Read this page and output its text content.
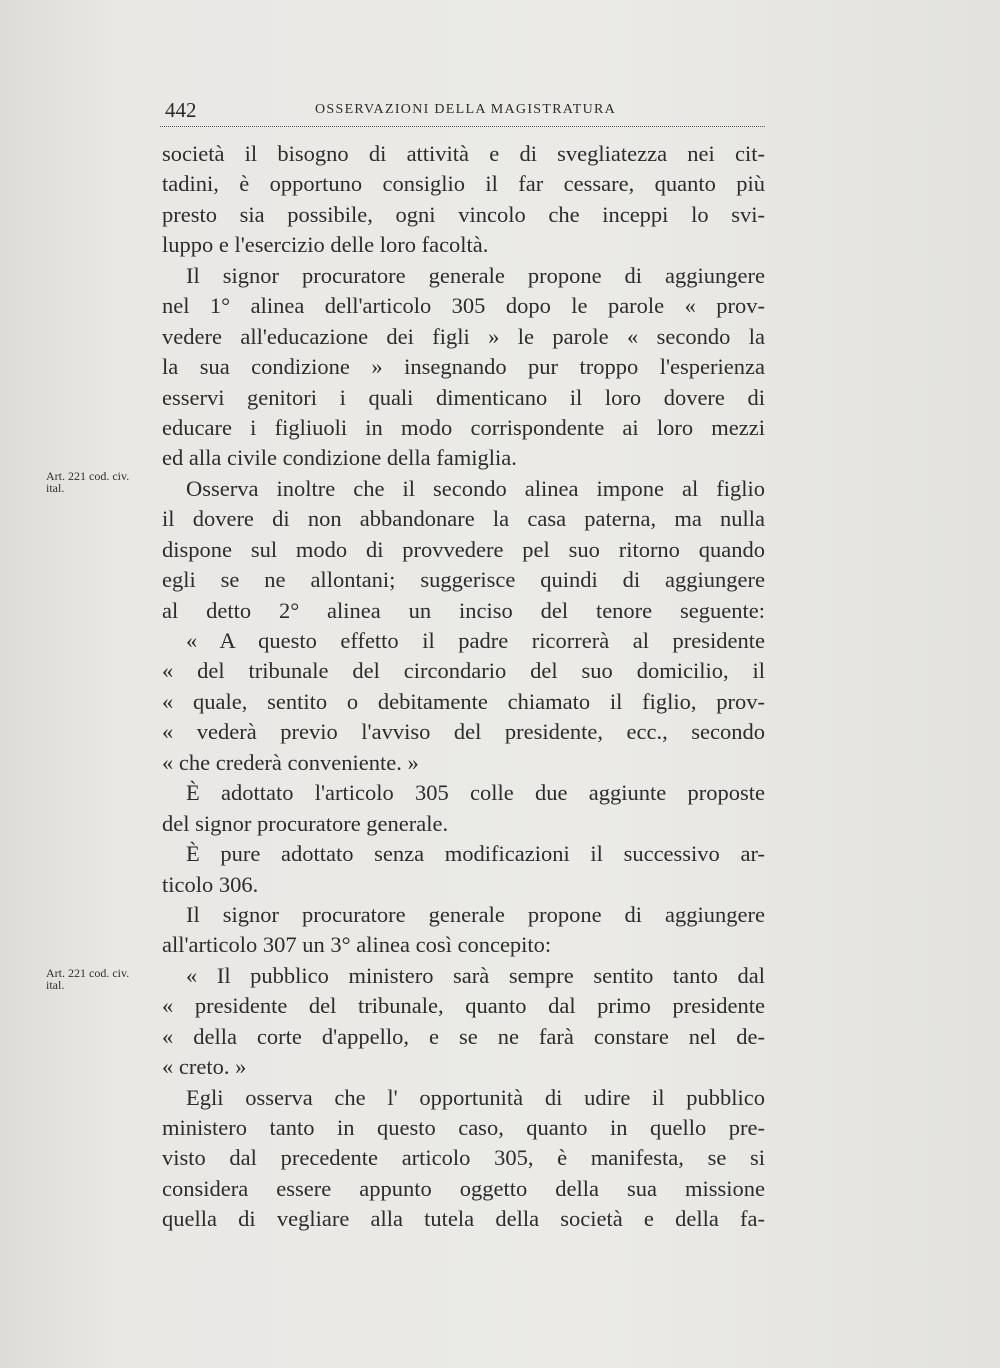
442	OSSERVAZIONI DELLA MAGISTRATURA
Art. 221 cod. civ.
ital.
Art. 221 cod. civ.
ital.
società il bisogno di attività e di svegliatezza nei cit-
tadini, è opportuno consiglio il far cessare, quanto più
presto sia possibile, ogni vincolo che inceppi lo svi-
luppo e l'esercizio delle loro facoltà.
Il signor procuratore generale propone di aggiungere
nel 1° alinea dell'articolo 305 dopo le parole « prov-
vedere all'educazione dei figli » le parole « secondo la
la sua condizione » insegnando pur troppo l'esperienza
esservi genitori i quali dimenticano il loro dovere di
educare i figliuoli in modo corrispondente ai loro mezzi
ed alla civile condizione della famiglia.
Osserva inoltre che il secondo alinea impone al figlio
il dovere di non abbandonare la casa paterna, ma nulla
dispone sul modo di provvedere pel suo ritorno quando
egli se ne allontani; suggerisce quindi di aggiungere
al detto 2° alinea un inciso del tenore seguente:
« A questo effetto il padre ricorrerà al presidente
« del tribunale del circondario del suo domicilio, il
« quale, sentito o debitamente chiamato il figlio, prov-
« vederà previo l'avviso del presidente, ecc., secondo
« che crederà conveniente. »
È adottato l'articolo 305 colle due aggiunte proposte
del signor procuratore generale.
È pure adottato senza modificazioni il successivo ar-
ticolo 306.
Il signor procuratore generale propone di aggiungere
all'articolo 307 un 3° alinea così concepito:
« Il pubblico ministero sarà sempre sentito tanto dal
« presidente del tribunale, quanto dal primo presidente
« della corte d'appello, e se ne farà constare nel de-
« creto. »
Egli osserva che l' opportunità di udire il pubblico
ministero tanto in questo caso, quanto in quello pre-
visto dal precedente articolo 305, è manifesta, se si
considera essere appunto oggetto della sua missione
quella di vegliare alla tutela della società e della fa-
